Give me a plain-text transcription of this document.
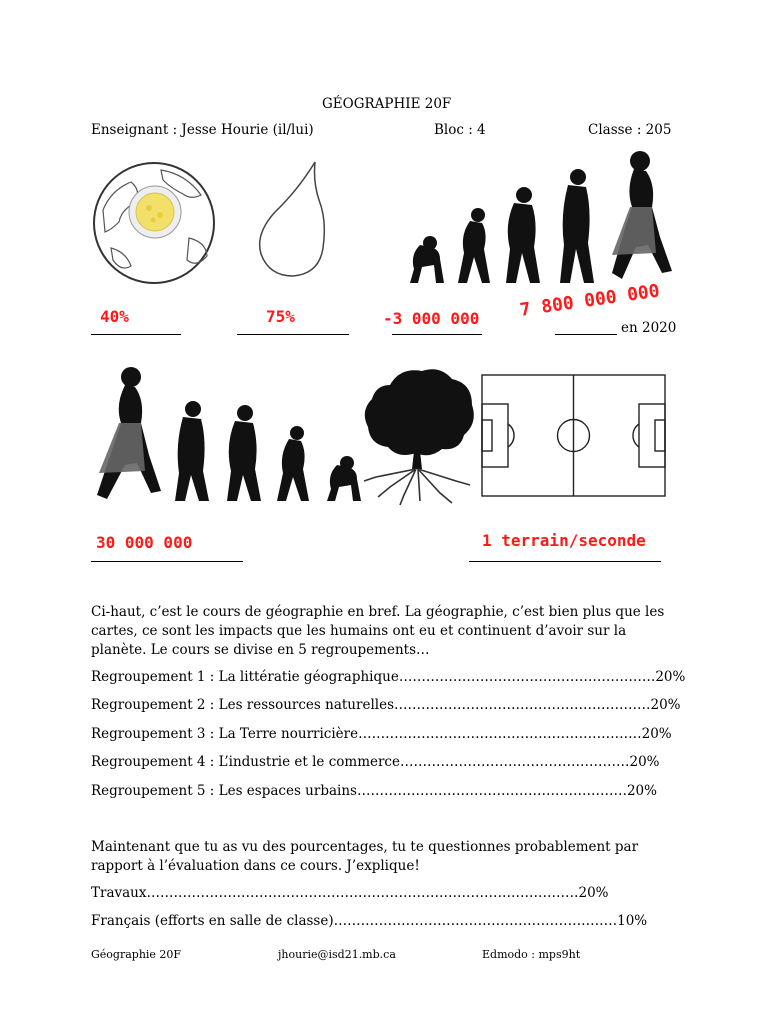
GÉOGRAPHIE 20F
Enseignant : Jesse Hourie (il/lui)	Bloc : 4	Classe : 205
40%	75%	-3 000 000 7 800 000 000
en 2020
30 000 000	1 terrain/seconde
Ci-haut, c’est le cours de géographie en bref. La géographie, c’est bien plus que les cartes, ce sont les impacts que les humains ont eu et continuent d’avoir sur la planète. Le cours se divise en 5 regroupements…
Regroupement 1 : La littératie géographique…………………………………………………20%
Regroupement 2 : Les ressources naturelles…………………………………………………20%
Regroupement 3 : La Terre nourricière………………………………………………………20%
Regroupement 4 : L’industrie et le commerce……………………………………………20%
Regroupement 5 : Les espaces urbains……………………………………………………20%
Maintenant que tu as vu des pourcentages, tu te questionnes probablement par rapport à l’évaluation dans ce cours. J’explique!
Travaux……………………………………………………………………………………20%
Français (efforts en salle de classe)………………………………………………………10%
Géographie 20F	jhourie@isd21.mb.ca	Edmodo : mps9ht
